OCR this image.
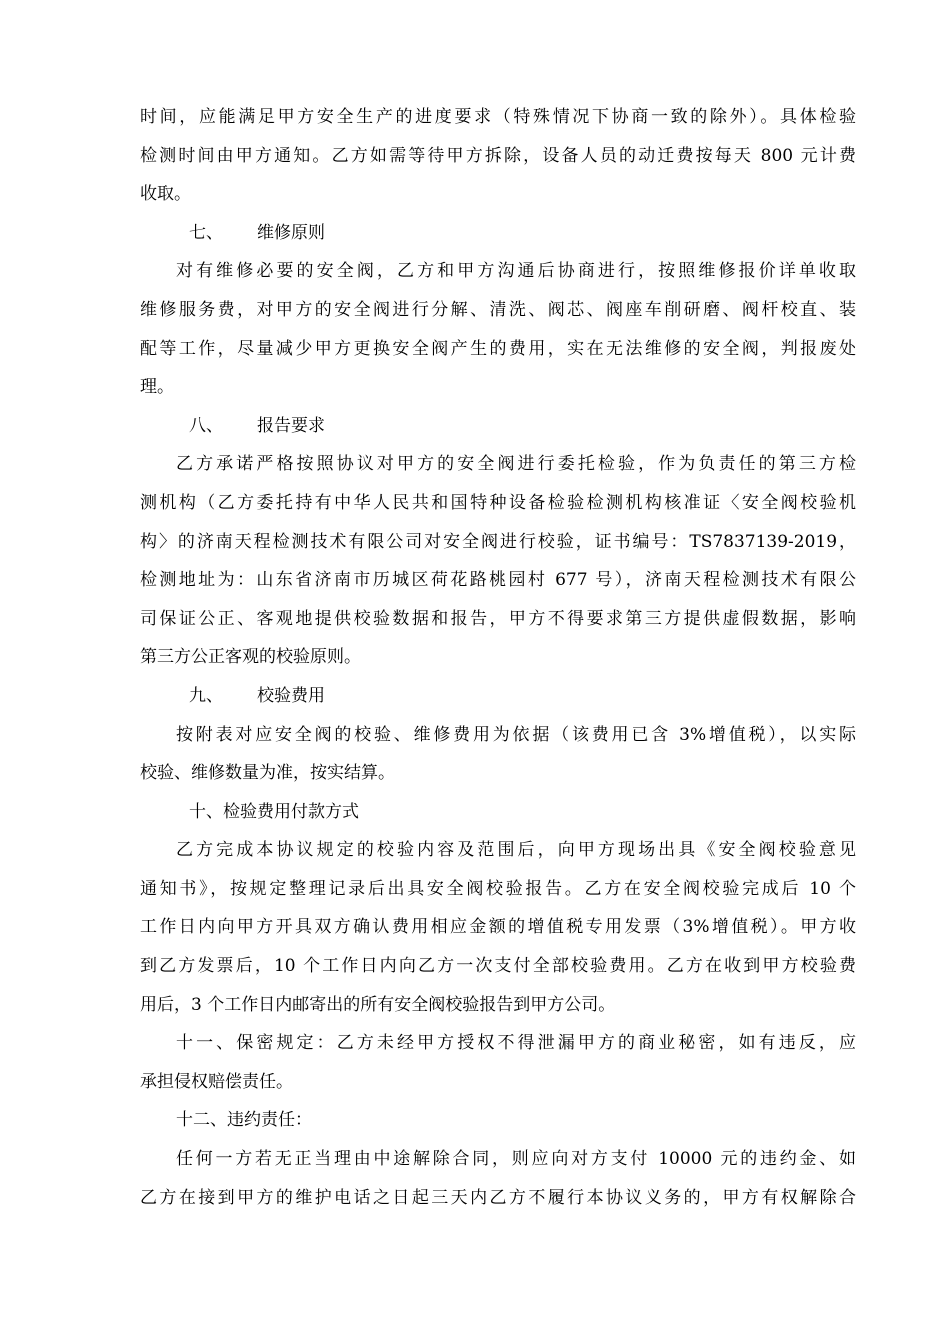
时间，应能满足甲方安全生产的进度要求（特殊情况下协商一致的除外）。具体检验
检测时间由甲方通知。乙方如需等待甲方拆除，设备人员的动迁费按每天 800 元计费
收取。
七、 维修原则
对有维修必要的安全阀，乙方和甲方沟通后协商进行，按照维修报价详单收取
维修服务费，对甲方的安全阀进行分解、清洗、阀芯、阀座车削研磨、阀杆校直、装
配等工作，尽量减少甲方更换安全阀产生的费用，实在无法维修的安全阀，判报废处
理。
八、 报告要求
乙方承诺严格按照协议对甲方的安全阀进行委托检验，作为负责任的第三方检
测机构（乙方委托持有中华人民共和国特种设备检验检测机构核准证〈安全阀校验机
构〉的济南天程检测技术有限公司对安全阀进行校验，证书编号：TS7837139-2019，
检测地址为：山东省济南市历城区荷花路桃园村 677 号），济南天程检测技术有限公
司保证公正、客观地提供校验数据和报告，甲方不得要求第三方提供虚假数据，影响
第三方公正客观的校验原则。
九、 校验费用
按附表对应安全阀的校验、维修费用为依据（该费用已含 3%增值税），以实际
校验、维修数量为准，按实结算。
十、检验费用付款方式
乙方完成本协议规定的校验内容及范围后，向甲方现场出具《安全阀校验意见
通知书》，按规定整理记录后出具安全阀校验报告。乙方在安全阀校验完成后 10 个
工作日内向甲方开具双方确认费用相应金额的增值税专用发票（3%增值税）。甲方收
到乙方发票后，10 个工作日内向乙方一次支付全部校验费用。乙方在收到甲方校验费
用后，3 个工作日内邮寄出的所有安全阀校验报告到甲方公司。
十一、保密规定：乙方未经甲方授权不得泄漏甲方的商业秘密，如有违反，应
承担侵权赔偿责任。
十二、违约责任：
任何一方若无正当理由中途解除合同，则应向对方支付 10000 元的违约金、如
乙方在接到甲方的维护电话之日起三天内乙方不履行本协议义务的，甲方有权解除合
